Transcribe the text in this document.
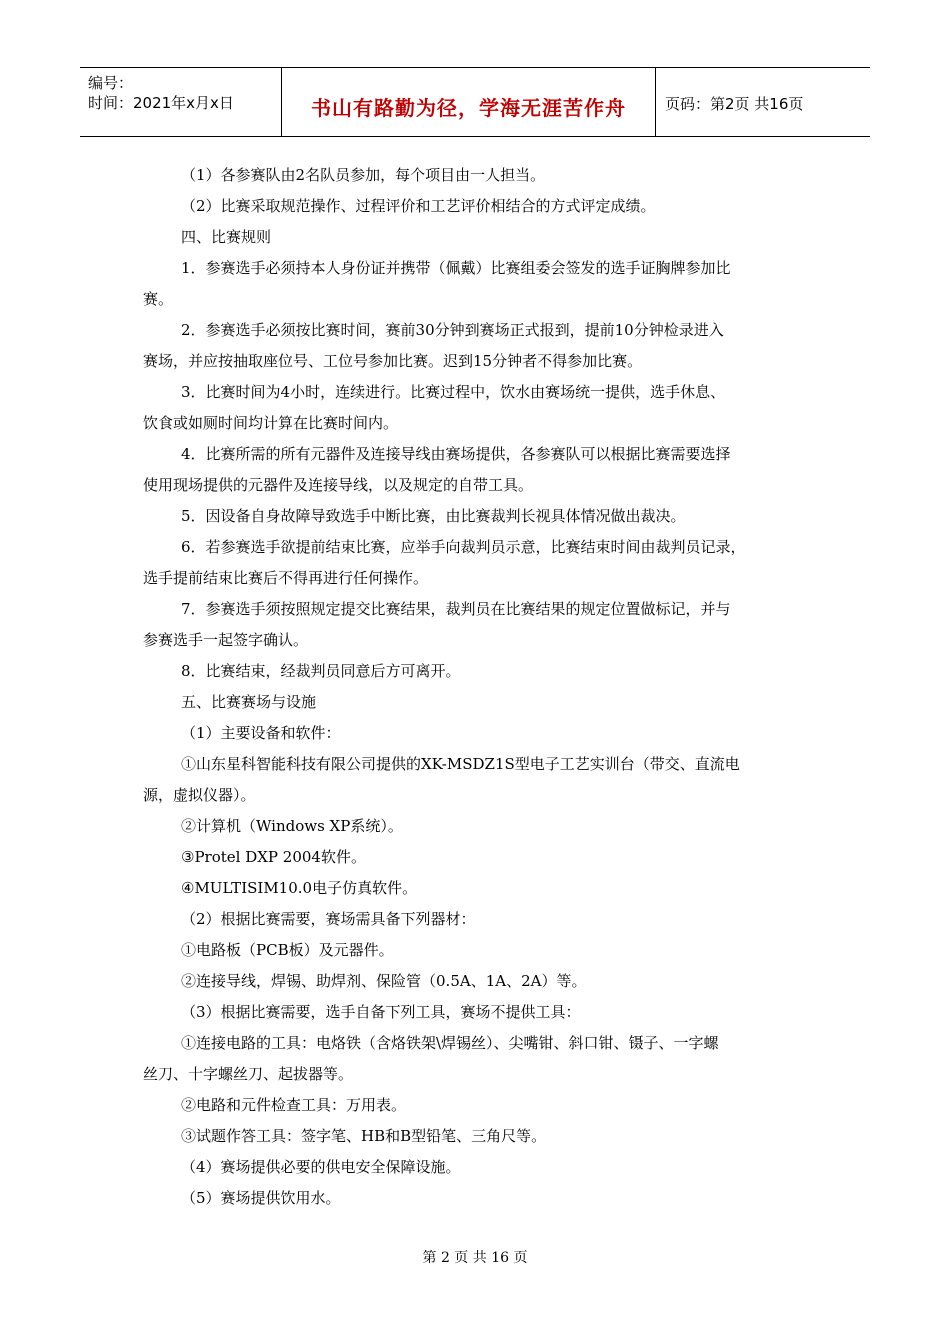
编号：
时间：2021年x月x日	书山有路勤为径，学海无涯苦作舟	页码：第2页 共16页

（1）各参赛队由2名队员参加，每个项目由一人担当。

（2）比赛采取规范操作、过程评价和工艺评价相结合的方式评定成绩。

四、比赛规则

1．参赛选手必须持本人身份证并携带（佩戴）比赛组委会签发的选手证胸牌参加比

赛。

2．参赛选手必须按比赛时间，赛前30分钟到赛场正式报到，提前10分钟检录进入

赛场，并应按抽取座位号、工位号参加比赛。迟到15分钟者不得参加比赛。

3．比赛时间为4小时，连续进行。比赛过程中，饮水由赛场统一提供，选手休息、

饮食或如厕时间均计算在比赛时间内。

4．比赛所需的所有元器件及连接导线由赛场提供，各参赛队可以根据比赛需要选择

使用现场提供的元器件及连接导线，以及规定的自带工具。

5．因设备自身故障导致选手中断比赛，由比赛裁判长视具体情况做出裁决。

6．若参赛选手欲提前结束比赛，应举手向裁判员示意，比赛结束时间由裁判员记录，

选手提前结束比赛后不得再进行任何操作。

7．参赛选手须按照规定提交比赛结果，裁判员在比赛结果的规定位置做标记，并与

参赛选手一起签字确认。

8．比赛结束，经裁判员同意后方可离开。

五、比赛赛场与设施

（1）主要设备和软件：

①山东星科智能科技有限公司提供的XK-MSDZ1S型电子工艺实训台（带交、直流电

源，虚拟仪器）。

②计算机（Windows XP系统）。

③Protel DXP 2004软件。

④MULTISIM10.0电子仿真软件。

（2）根据比赛需要，赛场需具备下列器材：

①电路板（PCB板）及元器件。

②连接导线，焊锡、助焊剂、保险管（0.5A、1A、2A）等。

（3）根据比赛需要，选手自备下列工具，赛场不提供工具：

①连接电路的工具：电烙铁（含烙铁架\焊锡丝）、尖嘴钳、斜口钳、镊子、一字螺

丝刀、十字螺丝刀、起拔器等。

②电路和元件检查工具：万用表。

③试题作答工具：签字笔、HB和B型铅笔、三角尺等。

（4）赛场提供必要的供电安全保障设施。

（5）赛场提供饮用水。

第 2 页 共 16 页
